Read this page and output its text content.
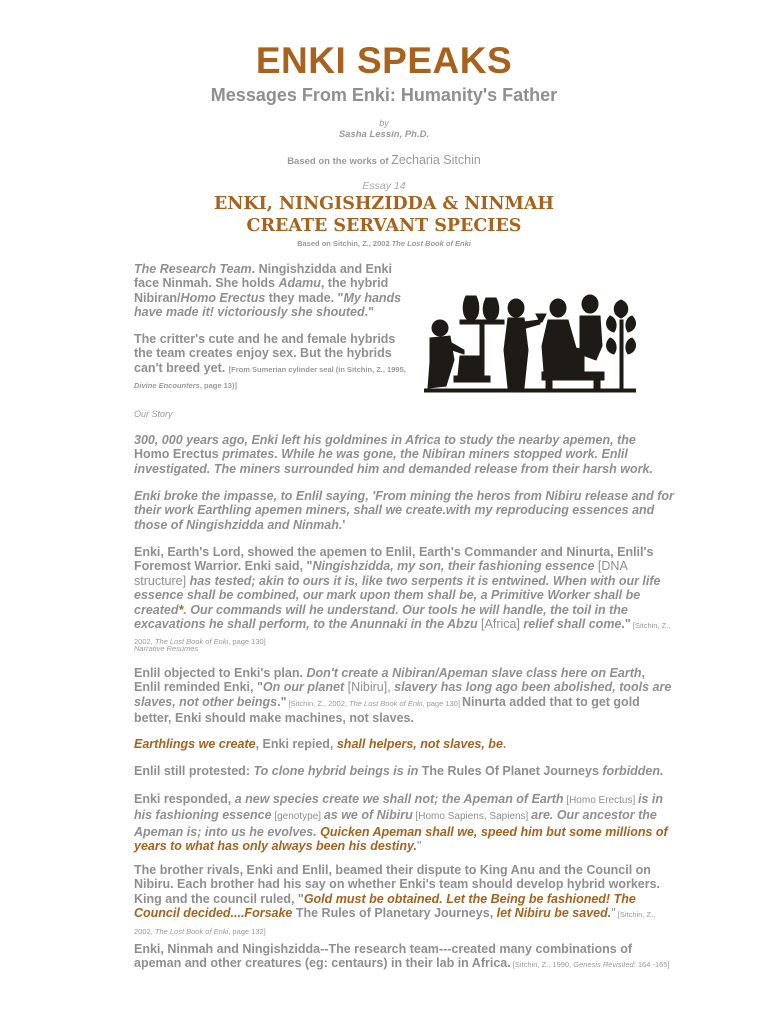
ENKI SPEAKS
Messages From Enki: Humanity's Father
by
Sasha Lessin, Ph.D.
Based on the works of Zecharia Sitchin
Essay 14
ENKI, NINGISHZIDDA & NINMAH
CREATE SERVANT SPECIES
Based on Sitchin, Z., 2002 The Lost Book of Enki

The Research Team. Ningishzidda and Enki face Ninmah. She holds Adamu, the hybrid Nibiran/Homo Erectus they made. "My hands have made it! victoriously she shouted."

The critter's cute and he and female hybrids the team creates enjoy sex. But the hybrids can't breed yet. [From Sumerian cylinder seal (in Sitchin, Z., 1995, Divine Encounters, page 13)]

Our Story

300, 000 years ago, Enki left his goldmines in Africa to study the nearby apemen, the Homo Erectus primates. While he was gone, the Nibiran miners stopped work. Enlil investigated. The miners surrounded him and demanded release from their harsh work.

Enki broke the impasse, to Enlil saying, 'From mining the heros from Nibiru release and for their work Earthling apemen miners, shall we create.with my reproducing essences and those of Ningishzidda and Ninmah.'

Enki, Earth's Lord, showed the apemen to Enlil, Earth's Commander and Ninurta, Enlil's Foremost Warrior. Enki said, "Ningishzidda, my son, their fashioning essence [DNA structure] has tested; akin to ours it is, like two serpents it is entwined. When with our life essence shall be combined, our mark upon them shall be, a Primitive Worker shall be created*. Our commands will he understand. Our tools he will handle, the toil in the excavations he shall perform, to the Anunnaki in the Abzu [Africa] relief shall come." [Sitchin, Z., 2002, The Lost Book of Enki, page 130]

Narrative Resumes

Enlil objected to Enki's plan. Don't create a Nibiran/Apeman slave class here on Earth, Enlil reminded Enki, "On our planet [Nibiru], slavery has long ago been abolished, tools are slaves, not other beings." [Sitchin, Z., 2002, The Lost Book of Enki, page 130] Ninurta added that to get gold better, Enki should make machines, not slaves.

Earthlings we create, Enki repied, shall helpers, not slaves, be.

Enlil still protested: To clone hybrid beings is in The Rules Of Planet Journeys forbidden.

Enki responded, a new species create we shall not; the Apeman of Earth [Homo Erectus] is in his fashioning essence [genotype] as we of Nibiru [Homo Sapiens, Sapiens] are. Our ancestor the Apeman is; into us he evolves. Quicken Apeman shall we, speed him but some millions of years to what has only always been his destiny."

The brother rivals, Enki and Enlil, beamed their dispute to King Anu and the Council on Nibiru. Each brother had his say on whether Enki's team should develop hybrid workers. King and the council ruled, "Gold must be obtained. Let the Being be fashioned! The Council decided....Forsake The Rules of Planetary Journeys, let Nibiru be saved." [Sitchin, Z., 2002, The Lost Book of Enki, page 132]

Enki, Ninmah and Ningishzidda--The research team---created many combinations of apeman and other creatures (eg: centaurs) in their lab in Africa. [Sitchin, Z., 1990, Genesis Revisited: 164 -165]
